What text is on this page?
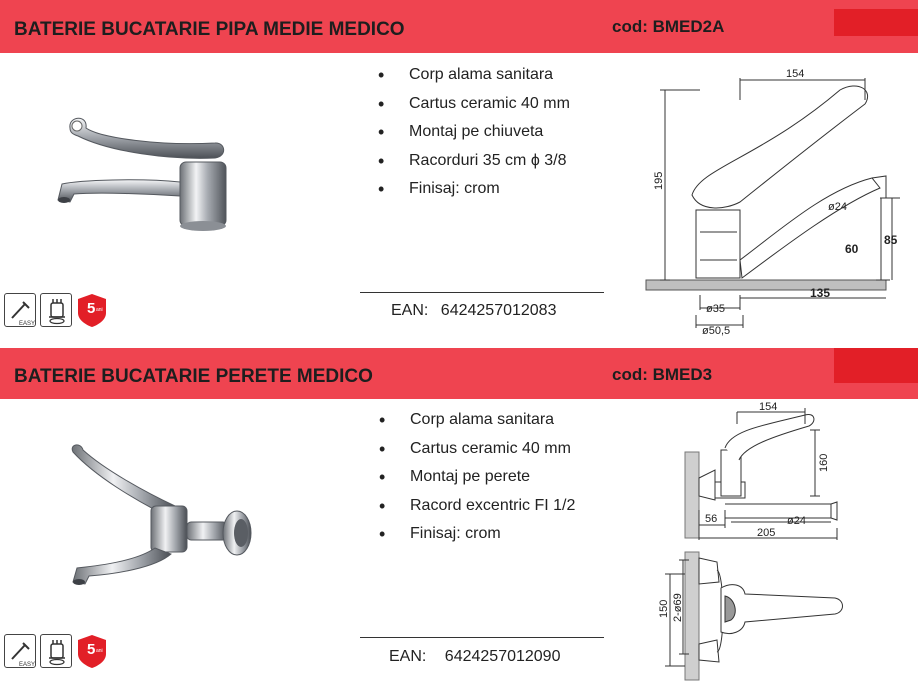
BATERIE BUCATARIE PIPA MEDIE MEDICO	cod: BMED2A
EASY
5 ani
• Corp alama sanitara
• Cartus ceramic 40 mm
• Montaj pe chiuveta
• Racorduri 35 cm ϕ 3/8
• Finisaj: crom
EAN: 6424257012083
154
195
ø24
85
60
135
ø35
ø50,5
BATERIE BUCATARIE PERETE MEDICO	cod: BMED3
EASY
5 ani
• Corp alama sanitara
• Cartus ceramic 40 mm
• Montaj pe perete
• Racord excentric FI 1/2
• Finisaj: crom
EAN: 6424257012090
154
160
56	ø24
205
150 2-ø69
